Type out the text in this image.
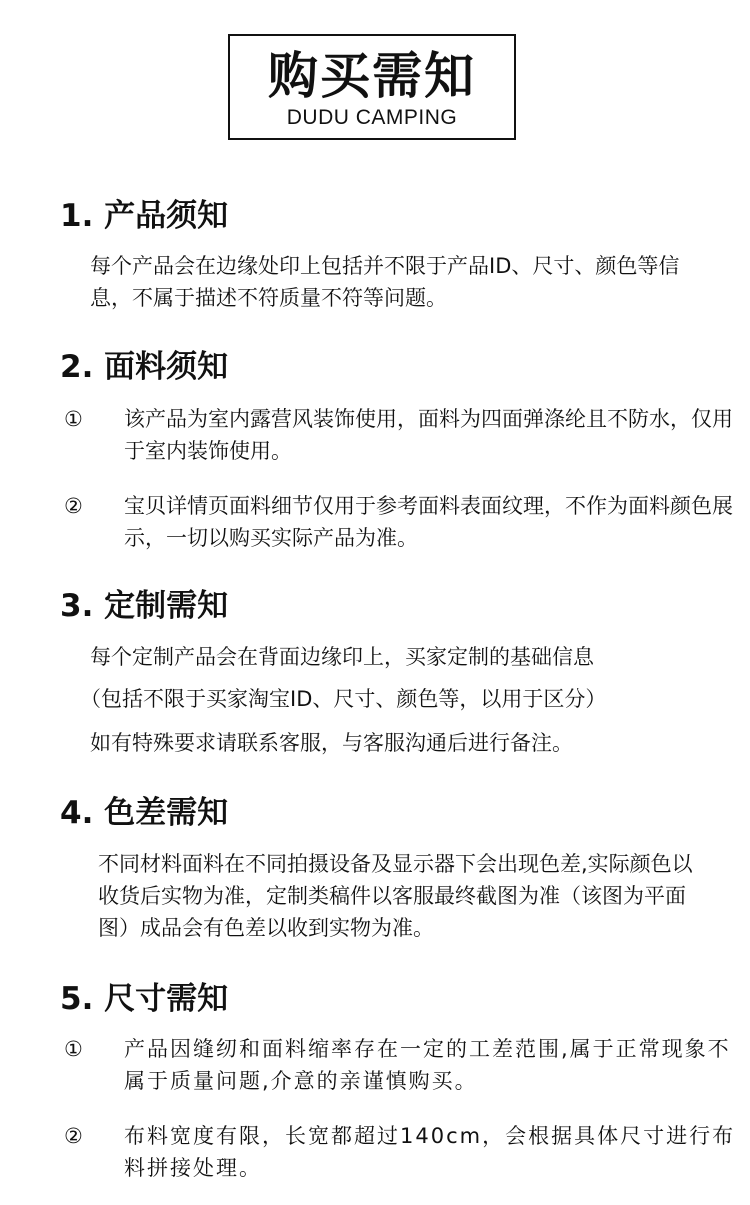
购买需知
DUDU CAMPING
1. 产品须知

每个产品会在边缘处印上包括并不限于产品ID、尺寸、颜色等信息，不属于描述不符质量不符等问题。

2. 面料须知

① 该产品为室内露营风装饰使用，面料为四面弹涤纶且不防水，仅用于室内装饰使用。

② 宝贝详情页面料细节仅用于参考面料表面纹理，不作为面料颜色展示，一切以购买实际产品为准。

3. 定制需知

每个定制产品会在背面边缘印上，买家定制的基础信息

（包括不限于买家淘宝ID、尺寸、颜色等，以用于区分）

如有特殊要求请联系客服，与客服沟通后进行备注。

4. 色差需知

不同材料面料在不同拍摄设备及显示器下会出现色差,实际颜色以收货后实物为准，定制类稿件以客服最终截图为准（该图为平面图）成品会有色差以收到实物为准。

5. 尺寸需知

① 产品因缝纫和面料缩率存在一定的工差范围,属于正常现象不属于质量问题,介意的亲谨慎购买。

② 布料宽度有限，长宽都超过140cm，会根据具体尺寸进行布料拼接处理。
